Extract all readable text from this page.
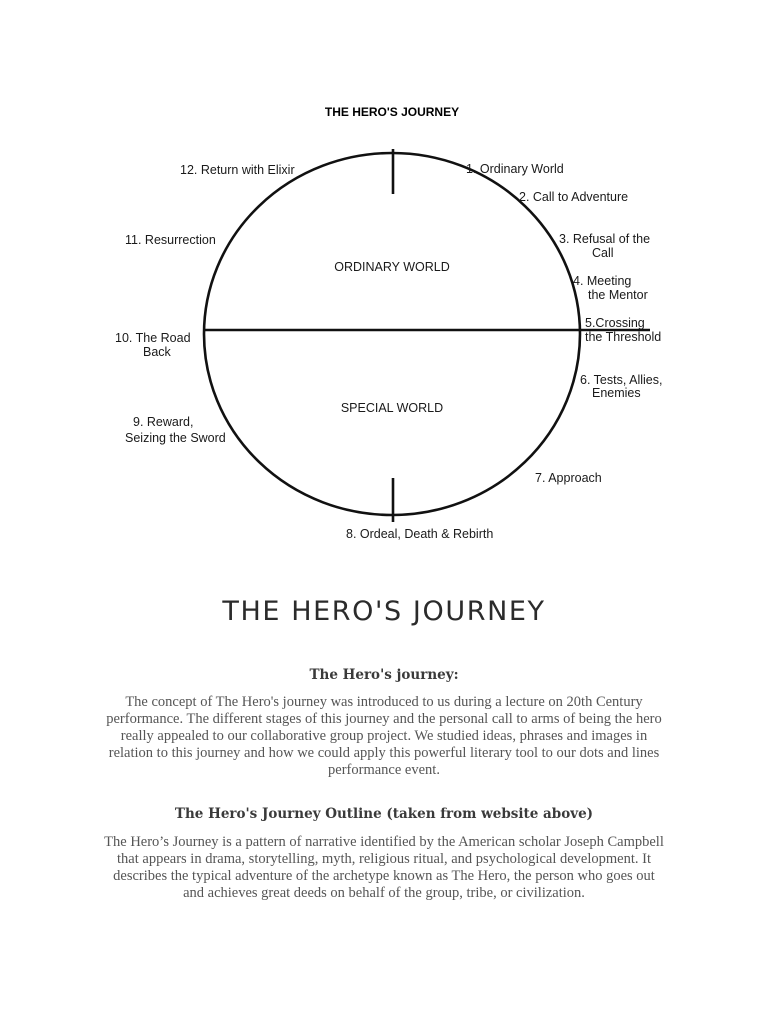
THE HERO'S JOURNEY
ORDINARY WORLD
SPECIAL WORLD
1. Ordinary World
2. Call to Adventure
3. Refusal of the Call
4. Meeting the Mentor
5.Crossing the Threshold
6. Tests, Allies, Enemies
7. Approach
8. Ordeal, Death & Rebirth
9. Reward, Seizing the Sword
10. The Road Back
11. Resurrection
12. Return with Elixir
THE HERO'S JOURNEY
The Hero's journey:

The concept of The Hero's journey was introduced to us during a lecture on 20th Century performance. The different stages of this journey and the personal call to arms of being the hero really appealed to our collaborative group project. We studied ideas, phrases and images in relation to this journey and how we could apply this powerful literary tool to our dots and lines performance event.

The Hero's Journey Outline (taken from website above)

The Hero’s Journey is a pattern of narrative identified by the American scholar Joseph Campbell that appears in drama, storytelling, myth, religious ritual, and psychological development. It describes the typical adventure of the archetype known as The Hero, the person who goes out and achieves great deeds on behalf of the group, tribe, or civilization.
